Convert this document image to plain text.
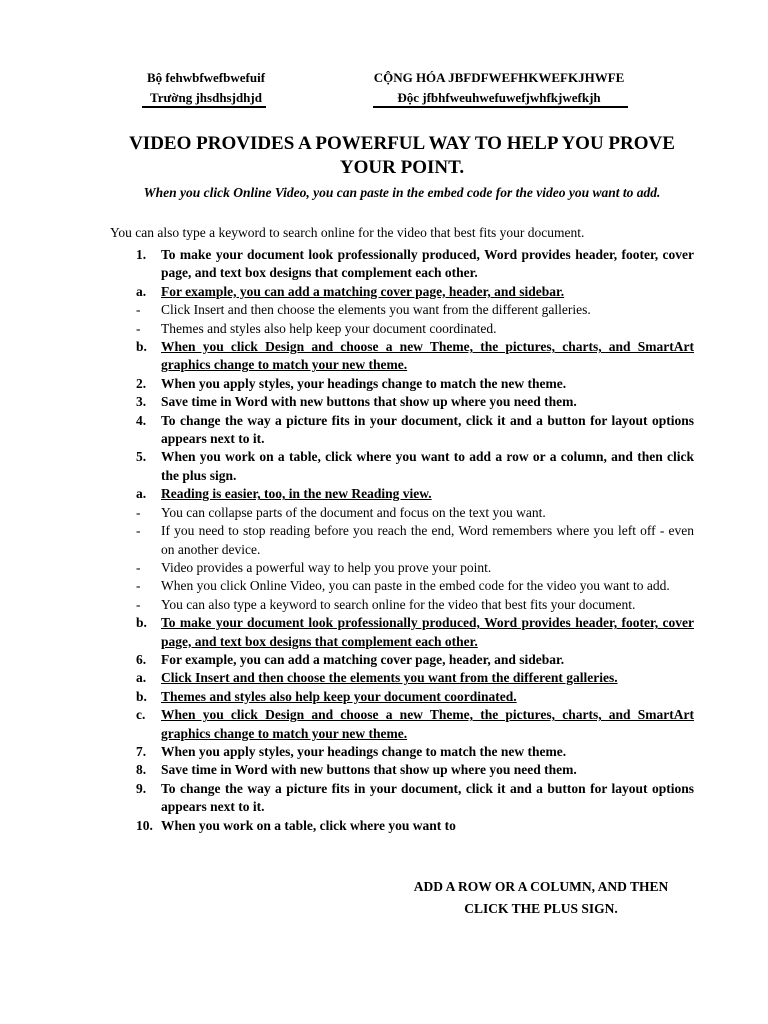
Bộ fehwbfwefbwefuif
Trường jhsdhsjdhjd
CỘNG HÓA JBFDFWEFHKWEFKJHWFE
Độc jfbhfweuhwefuwefjwhfkjwefkjh
VIDEO PROVIDES A POWERFUL WAY TO HELP YOU PROVE YOUR POINT.
When you click Online Video, you can paste in the embed code for the video you want to add.
You can also type a keyword to search online for the video that best fits your document.
1.	To make your document look professionally produced, Word provides header, footer, cover page, and text box designs that complement each other.
a.	For example, you can add a matching cover page, header, and sidebar.
-	Click Insert and then choose the elements you want from the different galleries.
-	Themes and styles also help keep your document coordinated.
b.	When you click Design and choose a new Theme, the pictures, charts, and SmartArt graphics change to match your new theme.
2.	When you apply styles, your headings change to match the new theme.
3.	Save time in Word with new buttons that show up where you need them.
4.	To change the way a picture fits in your document, click it and a button for layout options appears next to it.
5.	When you work on a table, click where you want to add a row or a column, and then click the plus sign.
a.	Reading is easier, too, in the new Reading view.
-	You can collapse parts of the document and focus on the text you want.
-	If you need to stop reading before you reach the end, Word remembers where you left off - even on another device.
-	Video provides a powerful way to help you prove your point.
-	When you click Online Video, you can paste in the embed code for the video you want to add.
-	You can also type a keyword to search online for the video that best fits your document.
b.	To make your document look professionally produced, Word provides header, footer, cover page, and text box designs that complement each other.
6.	For example, you can add a matching cover page, header, and sidebar.
a.	Click Insert and then choose the elements you want from the different galleries.
b.	Themes and styles also help keep your document coordinated.
c.	When you click Design and choose a new Theme, the pictures, charts, and SmartArt graphics change to match your new theme.
7.	When you apply styles, your headings change to match the new theme.
8.	Save time in Word with new buttons that show up where you need them.
9.	To change the way a picture fits in your document, click it and a button for layout options appears next to it.
10. When you work on a table, click where you want to
ADD A ROW OR A COLUMN, AND THEN
CLICK THE PLUS SIGN.
